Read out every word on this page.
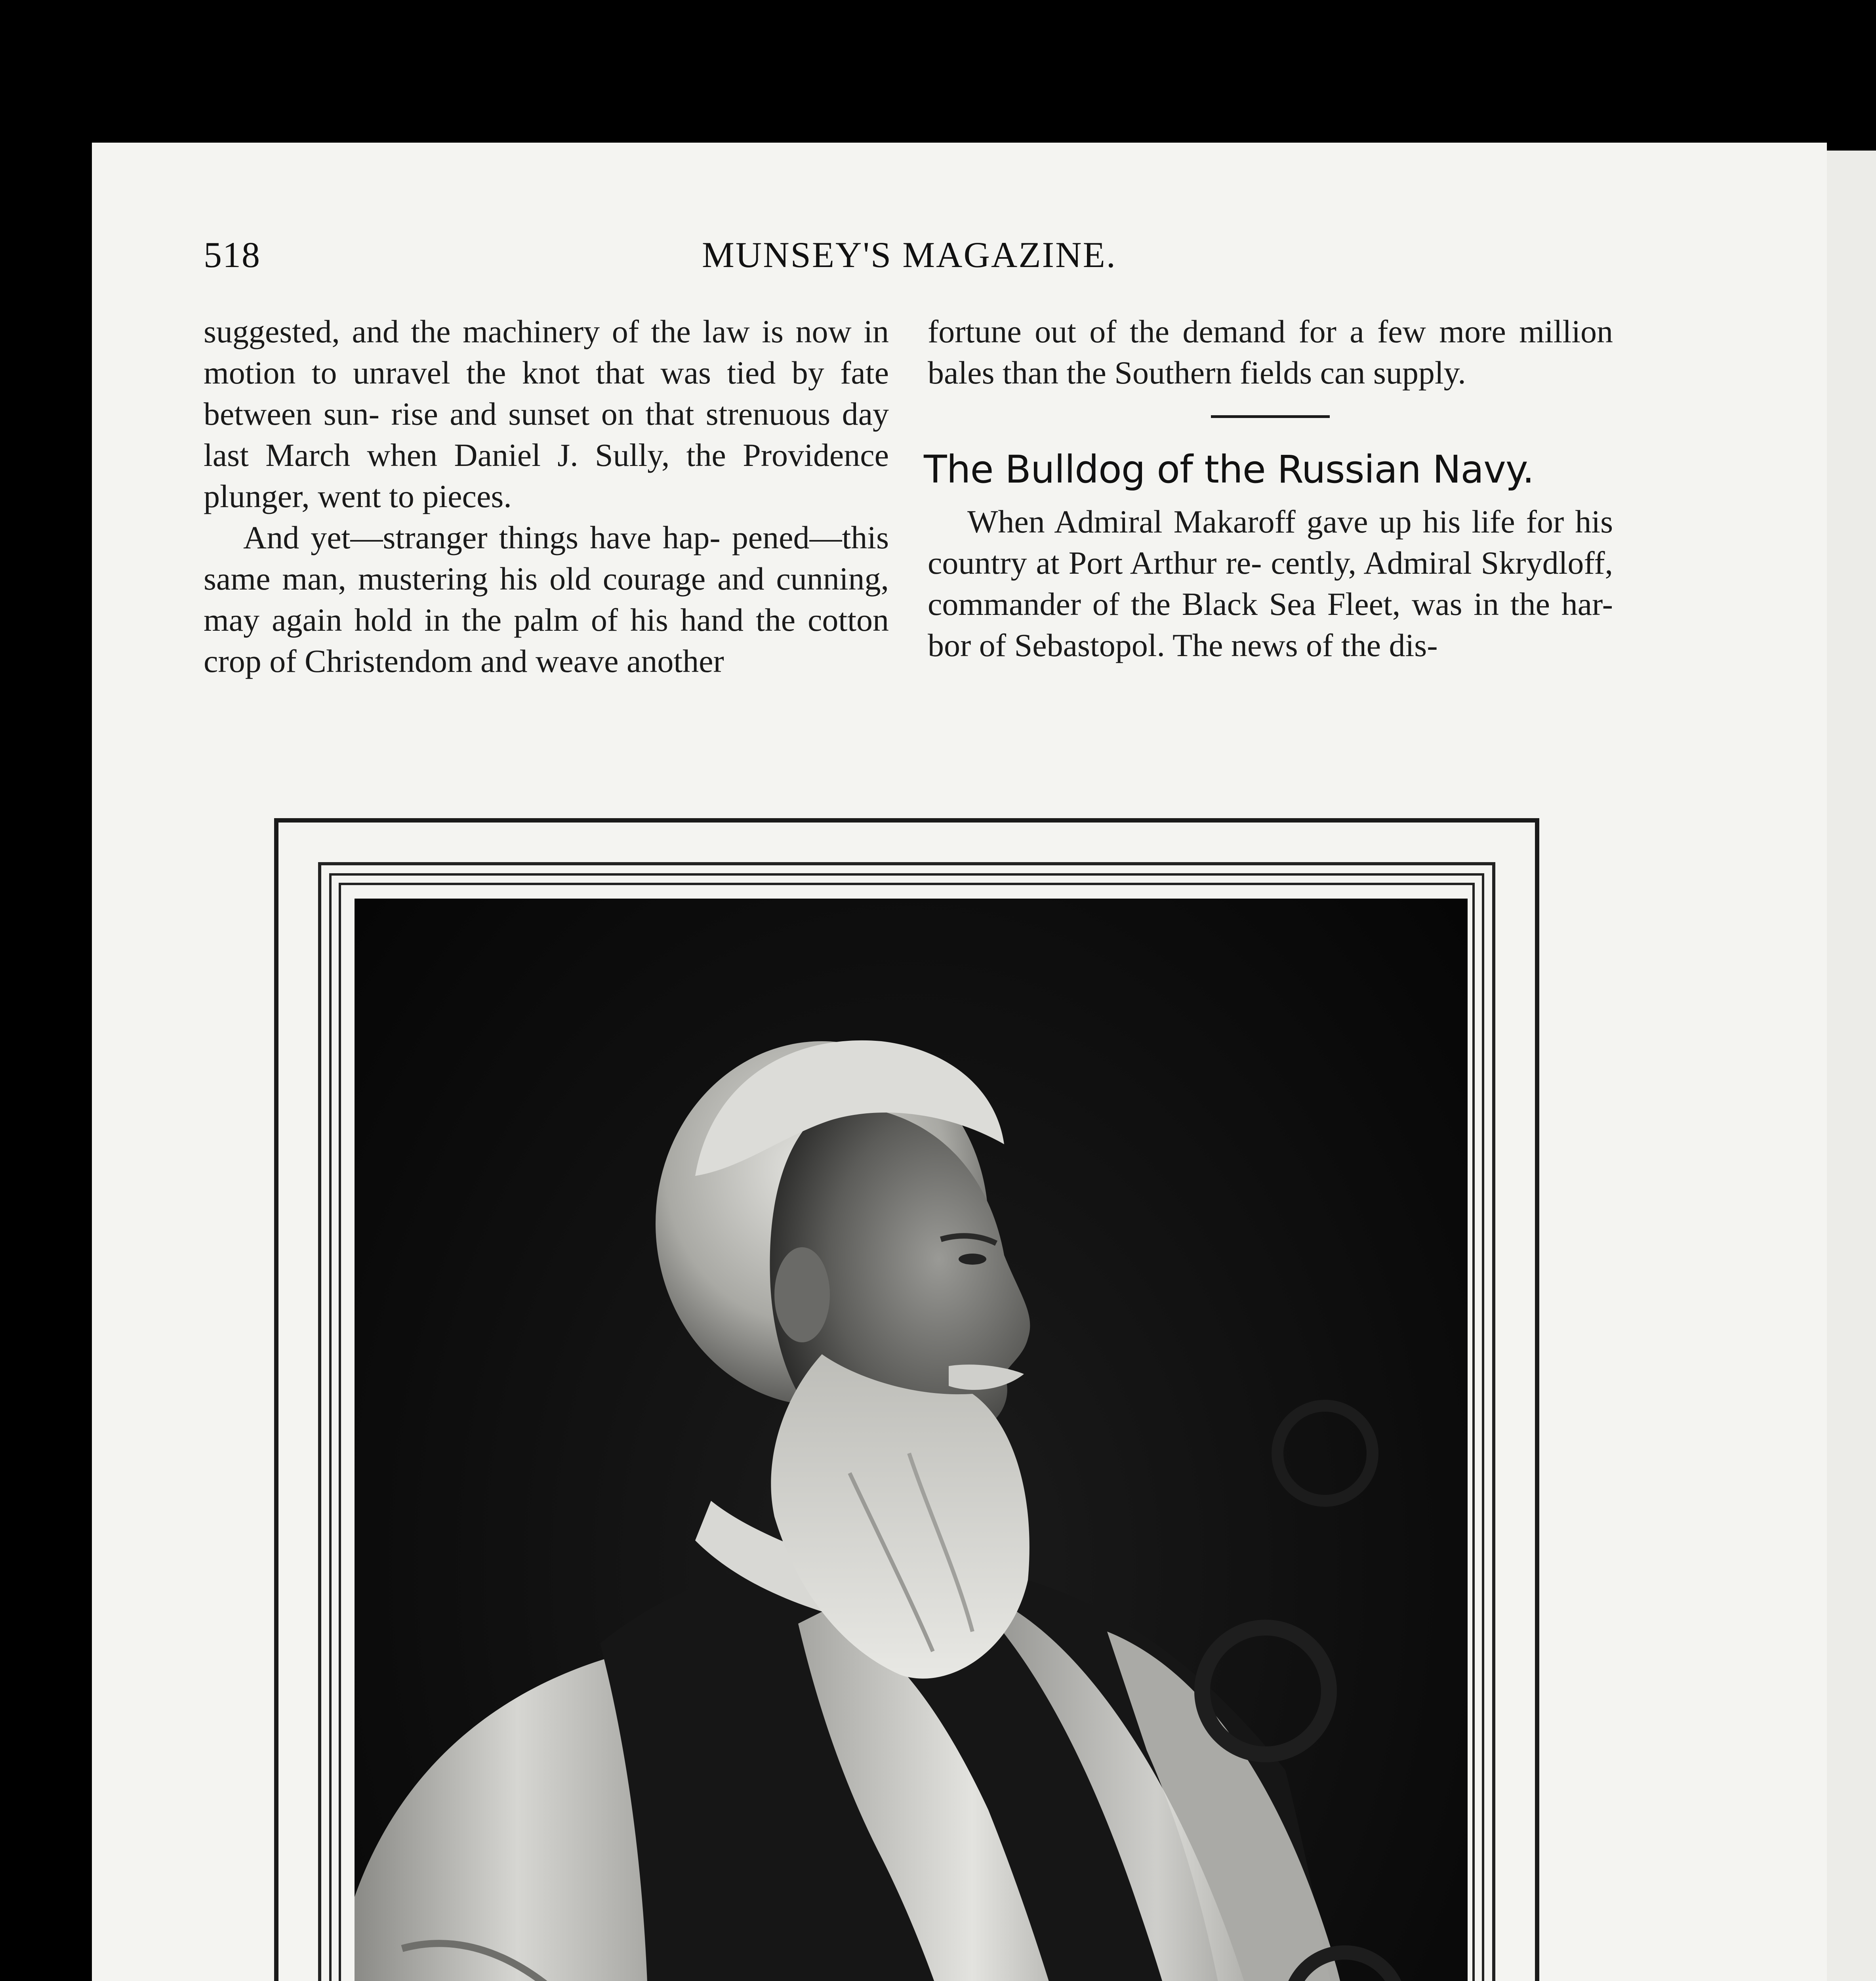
518	MUNSEY'S MAGAZINE.

suggested, and the machinery of the law is now in motion to unravel the knot that was tied by fate between sun- rise and sunset on that strenuous day last March when Daniel J. Sully, the Providence plunger, went to pieces.

And yet—stranger things have hap- pened—this same man, mustering his old courage and cunning, may again hold in the palm of his hand the cotton crop of Christendom and weave another

fortune out of the demand for a few more million bales than the Southern fields can supply.

The Bulldog of the Russian Navy.

When Admiral Makaroff gave up his life for his country at Port Arthur re- cently, Admiral Skrydloff, commander of the Black Sea Fleet, was in the har- bor of Sebastopol. The news of the dis-
